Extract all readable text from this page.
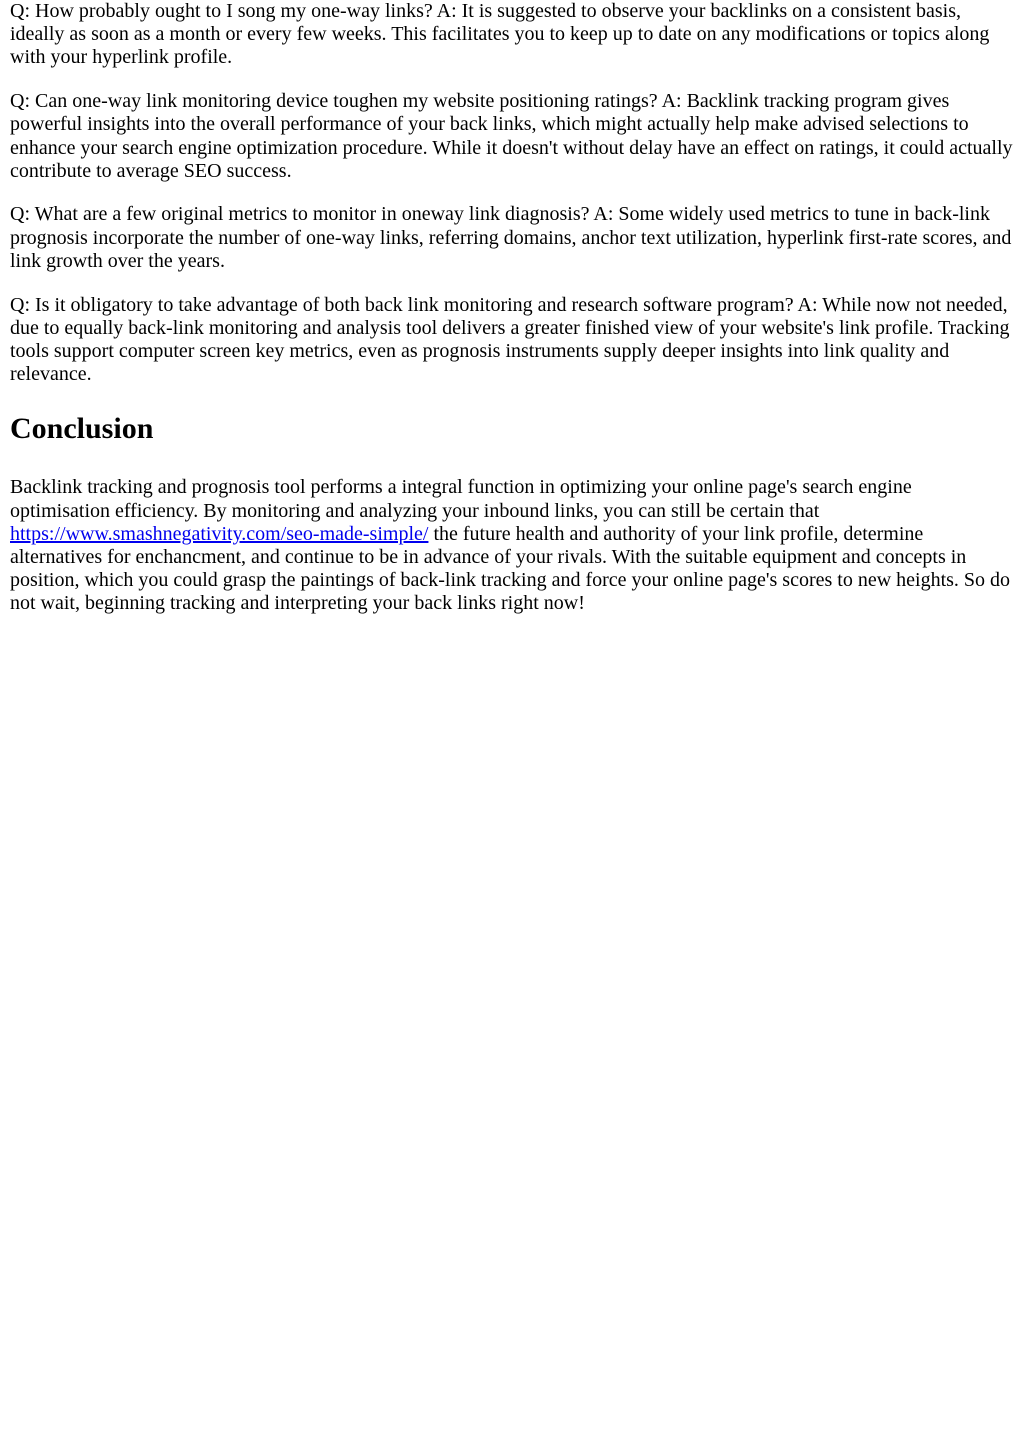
Q: How probably ought to I song my one-way links? A: It is suggested to observe your backlinks on a consistent basis, ideally as soon as a month or every few weeks. This facilitates you to keep up to date on any modifications or topics along with your hyperlink profile.

Q: Can one-way link monitoring device toughen my website positioning ratings? A: Backlink tracking program gives powerful insights into the overall performance of your back links, which might actually help make advised selections to enhance your search engine optimization procedure. While it doesn't without delay have an effect on ratings, it could actually contribute to average SEO success.

Q: What are a few original metrics to monitor in oneway link diagnosis? A: Some widely used metrics to tune in back-link prognosis incorporate the number of one-way links, referring domains, anchor text utilization, hyperlink first-rate scores, and link growth over the years.

Q: Is it obligatory to take advantage of both back link monitoring and research software program? A: While now not needed, due to equally back-link monitoring and analysis tool delivers a greater finished view of your website's link profile. Tracking tools support computer screen key metrics, even as prognosis instruments supply deeper insights into link quality and relevance.

Conclusion

Backlink tracking and prognosis tool performs a integral function in optimizing your online page's search engine optimisation efficiency. By monitoring and analyzing your inbound links, you can still be certain that https://www.smashnegativity.com/seo-made-simple/ the future health and authority of your link profile, determine alternatives for enchancment, and continue to be in advance of your rivals. With the suitable equipment and concepts in position, which you could grasp the paintings of back-link tracking and force your online page's scores to new heights. So do not wait, beginning tracking and interpreting your back links right now!
